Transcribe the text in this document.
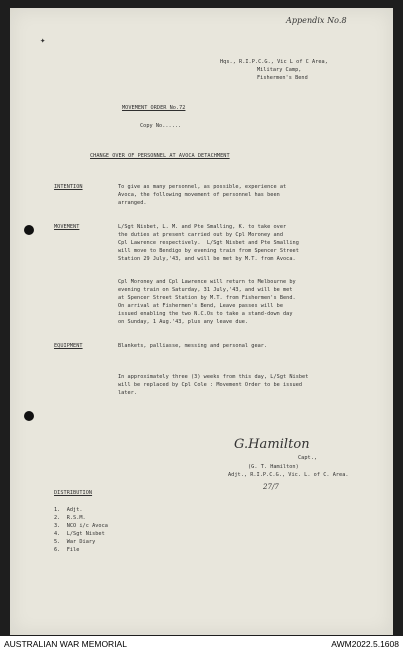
Appendix No.8
✦
Hqs., R.I.P.C.G., Vic L of C Area,
Military Camp,
Fishermen's Bend
MOVEMENT ORDER No.72
Copy No......
CHANGE OVER OF PERSONNEL AT AVOCA DETACHMENT
INTENTION	To give as many personnel, as possible, experience at
Avoca, the following movement of personnel has been
arranged.
MOVEMENT	L/Sgt Nisbet, L. M. and Pte Smalling, K. to take over
the duties at present carried out by Cpl Moroney and
Cpl Lawrence respectively.  L/Sgt Nisbet and Pte Smalling
will move to Bendigo by evening train from Spencer Street
Station 29 July,'43, and will be met by M.T. from Avoca.
Cpl Moroney and Cpl Lawrence will return to Melbourne by
evening train on Saturday, 31 July,'43, and will be met
at Spencer Street Station by M.T. from Fishermen's Bend.
On arrival at Fishermen's Bend, Leave passes will be
issued enabling the two N.C.Os to take a stand-down day
on Sunday, 1 Aug.'43, plus any leave due.
EQUIPMENT	Blankets, palliasse, messing and personal gear.
In approximately three (3) weeks from this day, L/Sgt Nisbet
will be replaced by Cpl Cole : Movement Order to be issued
later.
G.Hamilton
Capt.,
(G. T. Hamilton)
Adjt., R.I.P.C.G., Vic. L. of C. Area.
27/7
DISTRIBUTION
1.  Adjt.
2.  R.S.M.
3.  NCO i/c Avoca
4.  L/Sgt Nisbet
5.  War Diary
6.  File
AUSTRALIAN WAR MEMORIAL	AWM2022.5.1608
